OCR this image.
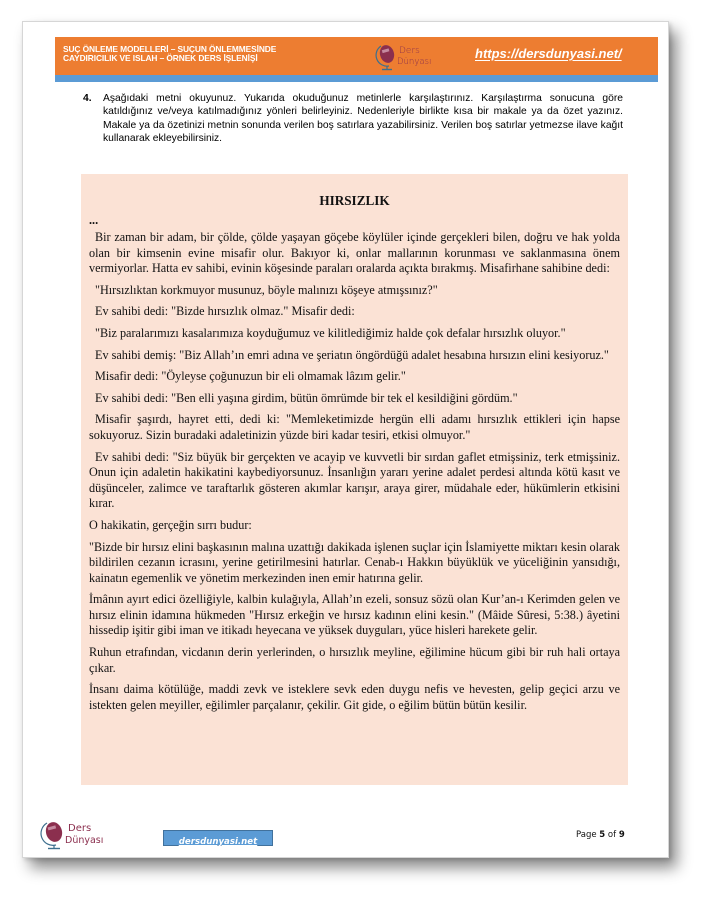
SUÇ ÖNLEME MODELLERİ – SUÇUN ÖNLEMMESİNDE
CAYDIRICILIK VE ISLAH – ÖRNEK DERS İŞLENİŞİ
Ders
Dünyası
https://dersdunyasi.net/
4. Aşağıdaki metni okuyunuz. Yukarıda okuduğunuz metinlerle karşılaştırınız. Karşılaştırma sonucuna göre katıldığınız ve/veya katılmadığınız yönleri belirleyiniz. Nedenleriyle birlikte kısa bir makale ya da özet yazınız. Makale ya da özetinizi metnin sonunda verilen boş satırlara yazabilirsiniz. Verilen boş satırlar yetmezse ilave kağıt kullanarak ekleyebilirsiniz.
HIRSIZLIK
...

Bir zaman bir adam, bir çölde, çölde yaşayan göçebe köylüler içinde gerçekleri bilen, doğru ve hak yolda olan bir kimsenin evine misafir olur. Bakıyor ki, onlar mallarının korunması ve saklanmasına önem vermiyorlar. Hatta ev sahibi, evinin köşesinde paraları oralarda açıkta bırakmış. Misafirhane sahibine dedi:

"Hırsızlıktan korkmuyor musunuz, böyle malınızı köşeye atmışsınız?"

Ev sahibi dedi: "Bizde hırsızlık olmaz." Misafir dedi:

"Biz paralarımızı kasalarımıza koyduğumuz ve kilitlediğimiz halde çok defalar hırsızlık oluyor."

Ev sahibi demiş: "Biz Allah’ın emri adına ve şeriatın öngördüğü adalet hesabına hırsızın elini kesiyoruz."

Misafir dedi: "Öyleyse çoğunuzun bir eli olmamak lâzım gelir."

Ev sahibi dedi: "Ben elli yaşına girdim, bütün ömrümde bir tek el kesildiğini gördüm."

Misafir şaşırdı, hayret etti, dedi ki: "Memleketimizde hergün elli adamı hırsızlık ettikleri için hapse sokuyoruz. Sizin buradaki adaletinizin yüzde biri kadar tesiri, etkisi olmuyor."

Ev sahibi dedi: "Siz büyük bir gerçekten ve acayip ve kuvvetli bir sırdan gaflet etmişsiniz, terk etmişsiniz. Onun için adaletin hakikatini kaybediyorsunuz. İnsanlığın yararı yerine adalet perdesi altında kötü kasıt ve düşünceler, zalimce ve taraftarlık gösteren akımlar karışır, araya girer, müdahale eder, hükümlerin etkisini kırar.

O hakikatin, gerçeğin sırrı budur:

"Bizde bir hırsız elini başkasının malına uzattığı dakikada işlenen suçlar için İslamiyette miktarı kesin olarak bildirilen cezanın icrasını, yerine getirilmesini hatırlar. Cenab-ı Hakkın büyüklük ve yüceliğinin yansıdığı, kainatın egemenlik ve yönetim merkezinden inen emir hatırına gelir.

İmânın ayırt edici özelliğiyle, kalbin kulağıyla, Allah’ın ezeli, sonsuz sözü olan Kur’an-ı Kerimden gelen ve hırsız elinin idamına hükmeden "Hırsız erkeğin ve hırsız kadının elini kesin." (Mâide Sûresi, 5:38.) âyetini hissedip işitir gibi iman ve itikadı heyecana ve yüksek duyguları, yüce hisleri harekete gelir.

Ruhun etrafından, vicdanın derin yerlerinden, o hırsızlık meyline, eğilimine hücum gibi bir ruh hali ortaya çıkar.

İnsanı daima kötülüğe, maddi zevk ve isteklere sevk eden duygu nefis ve hevesten, gelip geçici arzu ve istekten gelen meyiller, eğilimler parçalanır, çekilir. Git gide, o eğilim bütün bütün kesilir.

Ders
Dünyası	dersdunyasi.net
Page 5 of 9
